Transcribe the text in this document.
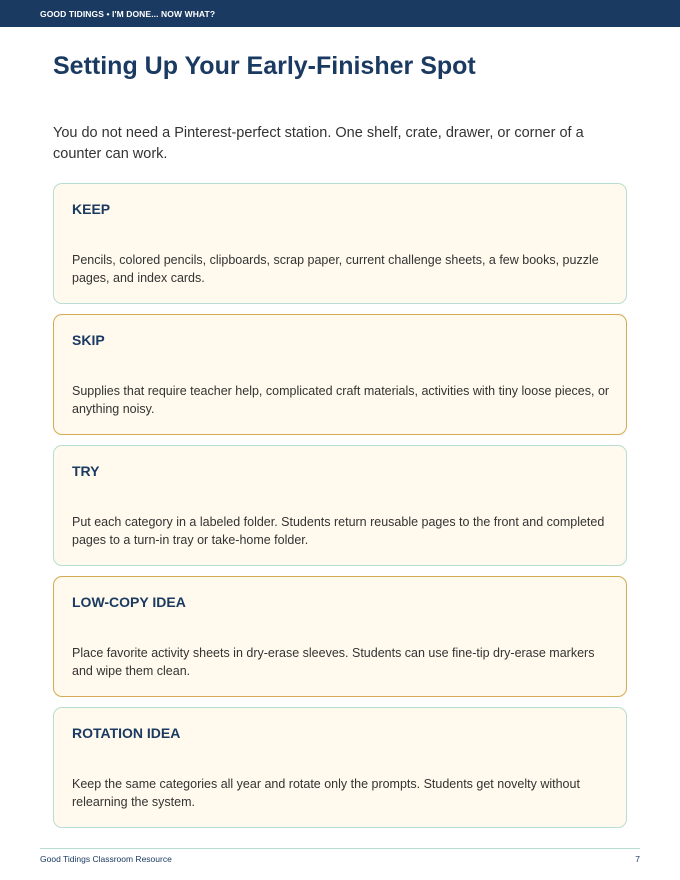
GOOD TIDINGS • I'M DONE... NOW WHAT?
Setting Up Your Early-Finisher Spot

You do not need a Pinterest-perfect station. One shelf, crate, drawer, or corner of a counter can work.

KEEP
Pencils, colored pencils, clipboards, scrap paper, current challenge sheets, a few books, puzzle pages, and index cards.
SKIP
Supplies that require teacher help, complicated craft materials, activities with tiny loose pieces, or anything noisy.
TRY
Put each category in a labeled folder. Students return reusable pages to the front and completed pages to a turn-in tray or take-home folder.
LOW-COPY IDEA
Place favorite activity sheets in dry-erase sleeves. Students can use fine-tip dry-erase markers and wipe them clean.
ROTATION IDEA
Keep the same categories all year and rotate only the prompts. Students get novelty without relearning the system.
Good Tidings Classroom Resource	7
